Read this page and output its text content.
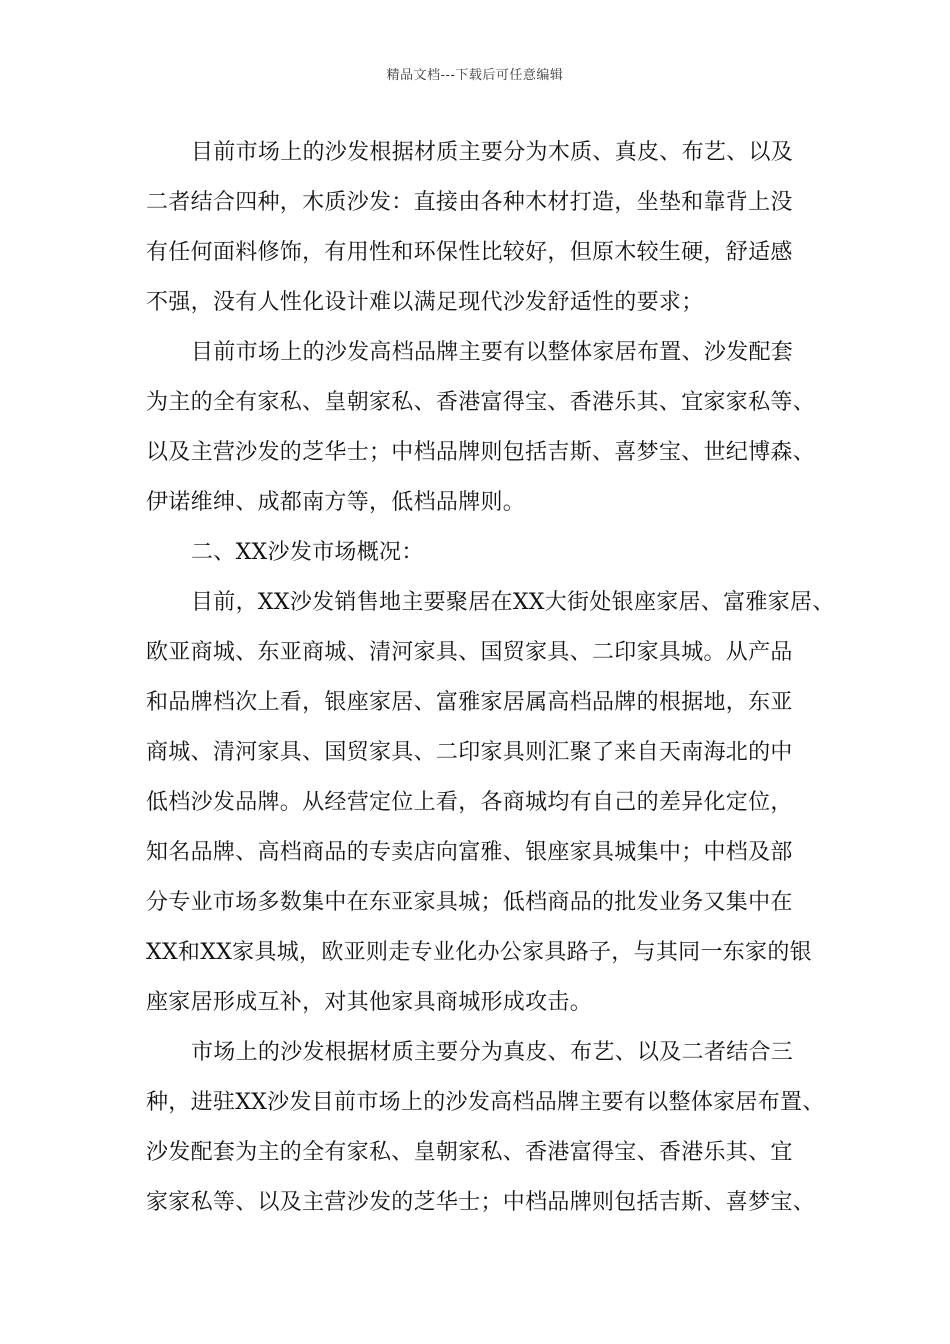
精品文档---下载后可任意编辑
目前市场上的沙发根据材质主要分为木质、真皮、布艺、以及
二者结合四种，木质沙发：直接由各种木材打造，坐垫和靠背上没
有任何面料修饰，有用性和环保性比较好，但原木较生硬，舒适感
不强，没有人性化设计难以满足现代沙发舒适性的要求；
目前市场上的沙发高档品牌主要有以整体家居布置、沙发配套
为主的全有家私、皇朝家私、香港富得宝、香港乐其、宜家家私等、
以及主营沙发的芝华士；中档品牌则包括吉斯、喜梦宝、世纪博森、
伊诺维绅、成都南方等，低档品牌则。
二、XX沙发市场概况：
目前，XX沙发销售地主要聚居在XX大街处银座家居、富雅家居、
欧亚商城、东亚商城、清河家具、国贸家具、二印家具城。从产品
和品牌档次上看，银座家居、富雅家居属高档品牌的根据地，东亚
商城、清河家具、国贸家具、二印家具则汇聚了来自天南海北的中
低档沙发品牌。从经营定位上看，各商城均有自己的差异化定位，
知名品牌、高档商品的专卖店向富雅、银座家具城集中；中档及部
分专业市场多数集中在东亚家具城；低档商品的批发业务又集中在
XX和XX家具城，欧亚则走专业化办公家具路子，与其同一东家的银
座家居形成互补，对其他家具商城形成攻击。
市场上的沙发根据材质主要分为真皮、布艺、以及二者结合三
种，进驻XX沙发目前市场上的沙发高档品牌主要有以整体家居布置、
沙发配套为主的全有家私、皇朝家私、香港富得宝、香港乐其、宜
家家私等、以及主营沙发的芝华士；中档品牌则包括吉斯、喜梦宝、
